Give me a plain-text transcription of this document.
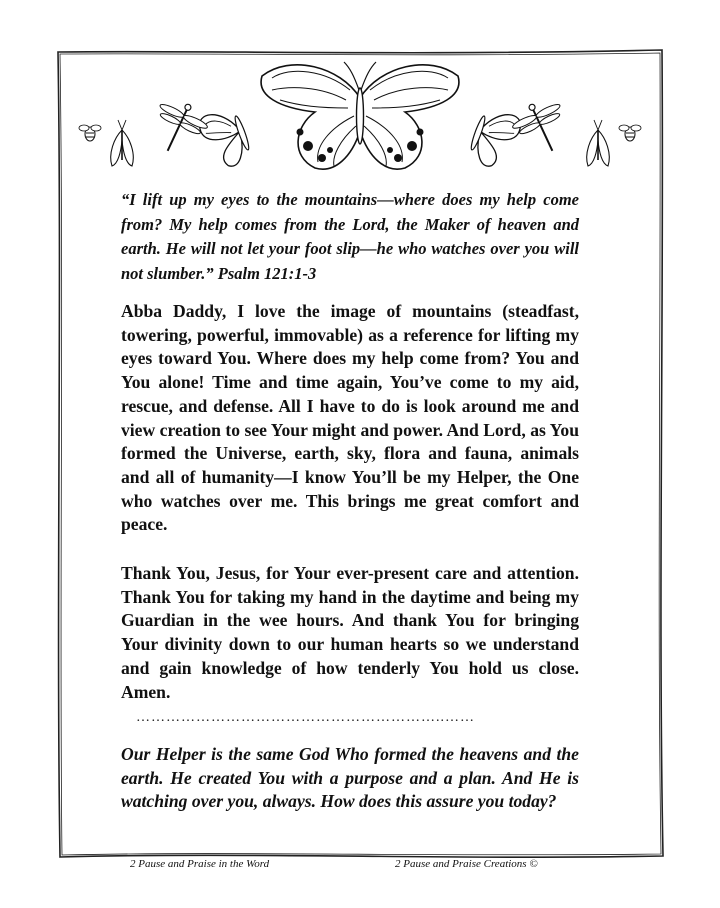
“I lift up my eyes to the mountains—where does my help come from? My help comes from the Lord, the Maker of heaven and earth. He will not let your foot slip—he who watches over you will not slumber.” Psalm 121:1-3
Abba Daddy, I love the image of mountains (steadfast, towering, powerful, immovable) as a reference for lifting my eyes toward You. Where does my help come from? You and You alone! Time and time again, You’ve come to my aid, rescue, and defense. All I have to do is look around me and view creation to see Your might and power. And Lord, as You formed the Universe, earth, sky, flora and fauna, animals and all of humanity—I know You’ll be my Helper, the One who watches over me. This brings me great comfort and peace.
Thank You, Jesus, for Your ever-present care and attention. Thank You for taking my hand in the daytime and being my Guardian in the wee hours. And thank You for bringing Your divinity down to our human hearts so we understand and gain knowledge of how tenderly You hold us close. Amen.
……………………………………………………..……
Our Helper is the same God Who formed the heavens and the earth. He created You with a purpose and a plan. And He is watching over you, always. How does this assure you today?
2 Pause and Praise in the Word	2 Pause and Praise Creations ©
